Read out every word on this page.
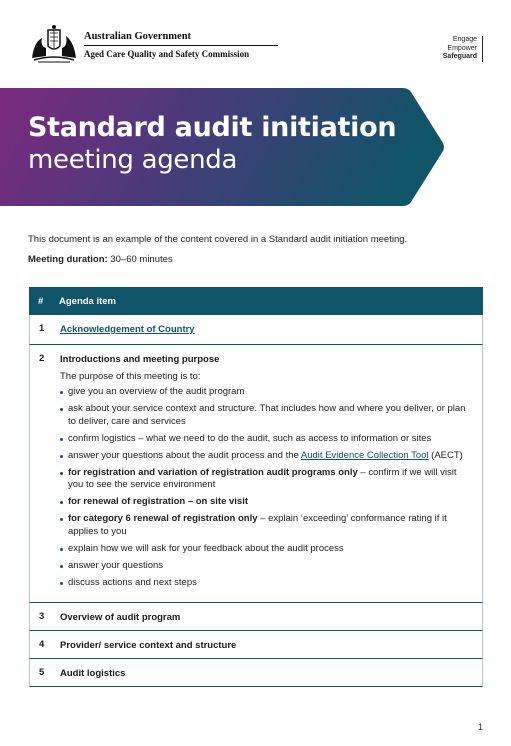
Australian Government
Aged Care Quality and Safety Commission
Engage
Empower
Safeguard
Standard audit initiation
meeting agenda
This document is an example of the content covered in a Standard audit initiation meeting.
Meeting duration: 30–60 minutes
#	Agenda item
1	Acknowledgement of Country
2	Introductions and meeting purpose
The purpose of this meeting is to:
give you an overview of the audit program
ask about your service context and structure. That includes how and where you deliver, or plan to deliver, care and services
confirm logistics – what we need to do the audit, such as access to information or sites
answer your questions about the audit process and the Audit Evidence Collection Tool (AECT)
for registration and variation of registration audit programs only – confirm if we will visit you to see the service environment
for renewal of registration – on site visit
for category 6 renewal of registration only – explain ‘exceeding’ conformance rating if it applies to you
explain how we will ask for your feedback about the audit process
answer your questions
discuss actions and next steps
3	Overview of audit program
4	Provider/ service context and structure
5	Audit logistics
1
